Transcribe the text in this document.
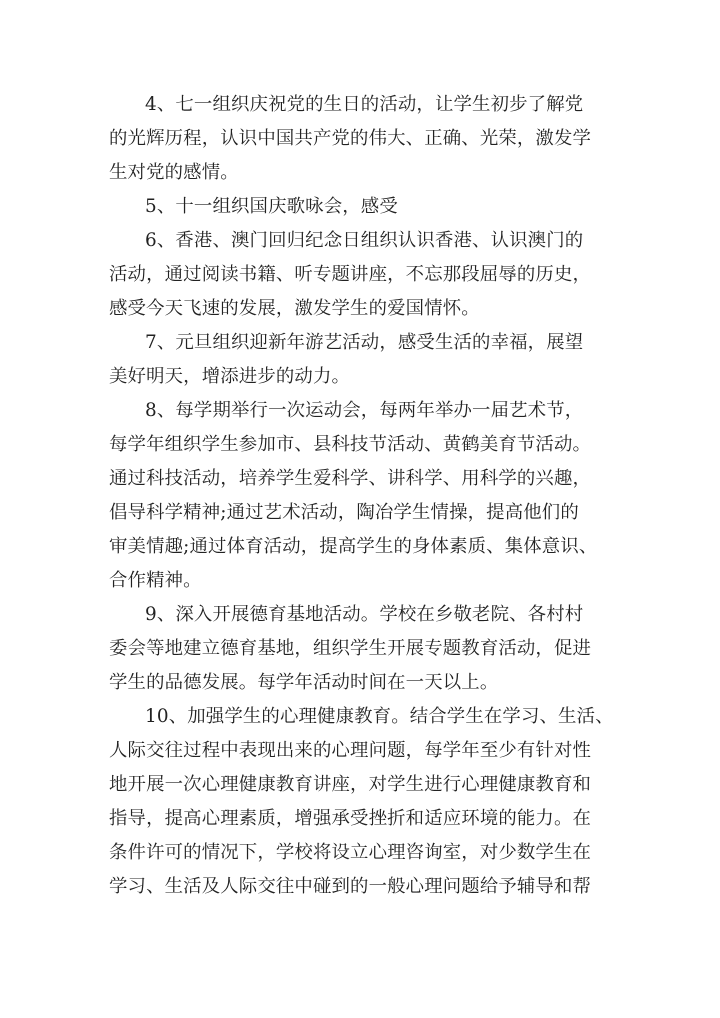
4、七一组织庆祝党的生日的活动，让学生初步了解党
的光辉历程，认识中国共产党的伟大、正确、光荣，激发学
生对党的感情。
5、十一组织国庆歌咏会，感受
6、香港、澳门回归纪念日组织认识香港、认识澳门的
活动，通过阅读书籍、听专题讲座，不忘那段屈辱的历史，
感受今天飞速的发展，激发学生的爱国情怀。
7、元旦组织迎新年游艺活动，感受生活的幸福，展望
美好明天，增添进步的动力。
8、每学期举行一次运动会，每两年举办一届艺术节，
每学年组织学生参加市、县科技节活动、黄鹤美育节活动。
通过科技活动，培养学生爱科学、讲科学、用科学的兴趣，
倡导科学精神;通过艺术活动，陶冶学生情操，提高他们的
审美情趣;通过体育活动，提高学生的身体素质、集体意识、
合作精神。
9、深入开展德育基地活动。学校在乡敬老院、各村村
委会等地建立德育基地，组织学生开展专题教育活动，促进
学生的品德发展。每学年活动时间在一天以上。
10、加强学生的心理健康教育。结合学生在学习、生活、
人际交往过程中表现出来的心理问题，每学年至少有针对性
地开展一次心理健康教育讲座，对学生进行心理健康教育和
指导，提高心理素质，增强承受挫折和适应环境的能力。在
条件许可的情况下，学校将设立心理咨询室，对少数学生在
学习、生活及人际交往中碰到的一般心理问题给予辅导和帮
